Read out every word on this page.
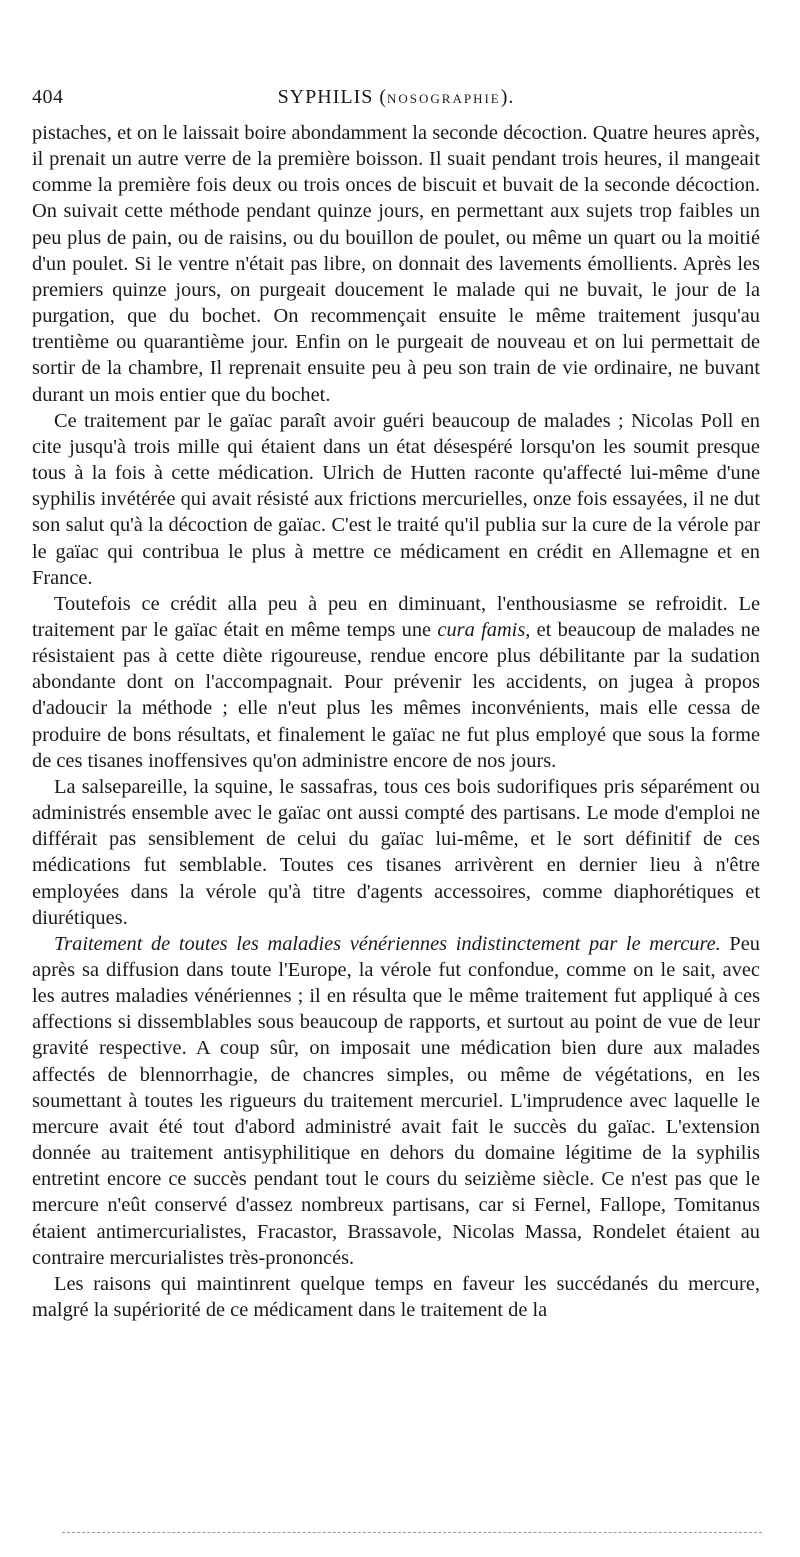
404	SYPHILIS (NOSOGRAPHIE).

pistaches, et on le laissait boire abondamment la seconde décoction. Quatre heures après, il prenait un autre verre de la première boisson. Il suait pendant trois heures, il mangeait comme la première fois deux ou trois onces de biscuit et buvait de la seconde décoction. On suivait cette méthode pendant quinze jours, en permettant aux sujets trop faibles un peu plus de pain, ou de raisins, ou du bouillon de poulet, ou même un quart ou la moitié d'un poulet. Si le ventre n'était pas libre, on donnait des lavements émollients. Après les premiers quinze jours, on purgeait doucement le malade qui ne buvait, le jour de la purgation, que du bochet. On recommençait ensuite le même traitement jusqu'au trentième ou quarantième jour. Enfin on le purgeait de nouveau et on lui permettait de sortir de la chambre, Il reprenait ensuite peu à peu son train de vie ordinaire, ne buvant durant un mois entier que du bochet.

Ce traitement par le gaïac paraît avoir guéri beaucoup de malades ; Nicolas Poll en cite jusqu'à trois mille qui étaient dans un état désespéré lorsqu'on les soumit presque tous à la fois à cette médication. Ulrich de Hutten raconte qu'affecté lui-même d'une syphilis invétérée qui avait résisté aux frictions mercurielles, onze fois essayées, il ne dut son salut qu'à la décoction de gaïac. C'est le traité qu'il publia sur la cure de la vérole par le gaïac qui contribua le plus à mettre ce médicament en crédit en Allemagne et en France.

Toutefois ce crédit alla peu à peu en diminuant, l'enthousiasme se refroidit. Le traitement par le gaïac était en même temps une cura famis, et beaucoup de malades ne résistaient pas à cette diète rigoureuse, rendue encore plus débilitante par la sudation abondante dont on l'accompagnait. Pour prévenir les accidents, on jugea à propos d'adoucir la méthode ; elle n'eut plus les mêmes inconvénients, mais elle cessa de produire de bons résultats, et finalement le gaïac ne fut plus employé que sous la forme de ces tisanes inoffensives qu'on administre encore de nos jours.

La salsepareille, la squine, le sassafras, tous ces bois sudorifiques pris séparément ou administrés ensemble avec le gaïac ont aussi compté des partisans. Le mode d'emploi ne différait pas sensiblement de celui du gaïac lui-même, et le sort définitif de ces médications fut semblable. Toutes ces tisanes arrivèrent en dernier lieu à n'être employées dans la vérole qu'à titre d'agents accessoires, comme diaphorétiques et diurétiques.

Traitement de toutes les maladies vénériennes indistinctement par le mercure. Peu après sa diffusion dans toute l'Europe, la vérole fut confondue, comme on le sait, avec les autres maladies vénériennes ; il en résulta que le même traitement fut appliqué à ces affections si dissemblables sous beaucoup de rapports, et surtout au point de vue de leur gravité respective. A coup sûr, on imposait une médication bien dure aux malades affectés de blennorrhagie, de chancres simples, ou même de végétations, en les soumettant à toutes les rigueurs du traitement mercuriel. L'imprudence avec laquelle le mercure avait été tout d'abord administré avait fait le succès du gaïac. L'extension donnée au traitement antisyphilitique en dehors du domaine légitime de la syphilis entretint encore ce succès pendant tout le cours du seizième siècle. Ce n'est pas que le mercure n'eût conservé d'assez nombreux partisans, car si Fernel, Fallope, Tomitanus étaient antimercurialistes, Fracastor, Brassavole, Nicolas Massa, Rondelet étaient au contraire mercurialistes très-prononcés.

Les raisons qui maintinrent quelque temps en faveur les succédanés du mercure, malgré la supériorité de ce médicament dans le traitement de la
